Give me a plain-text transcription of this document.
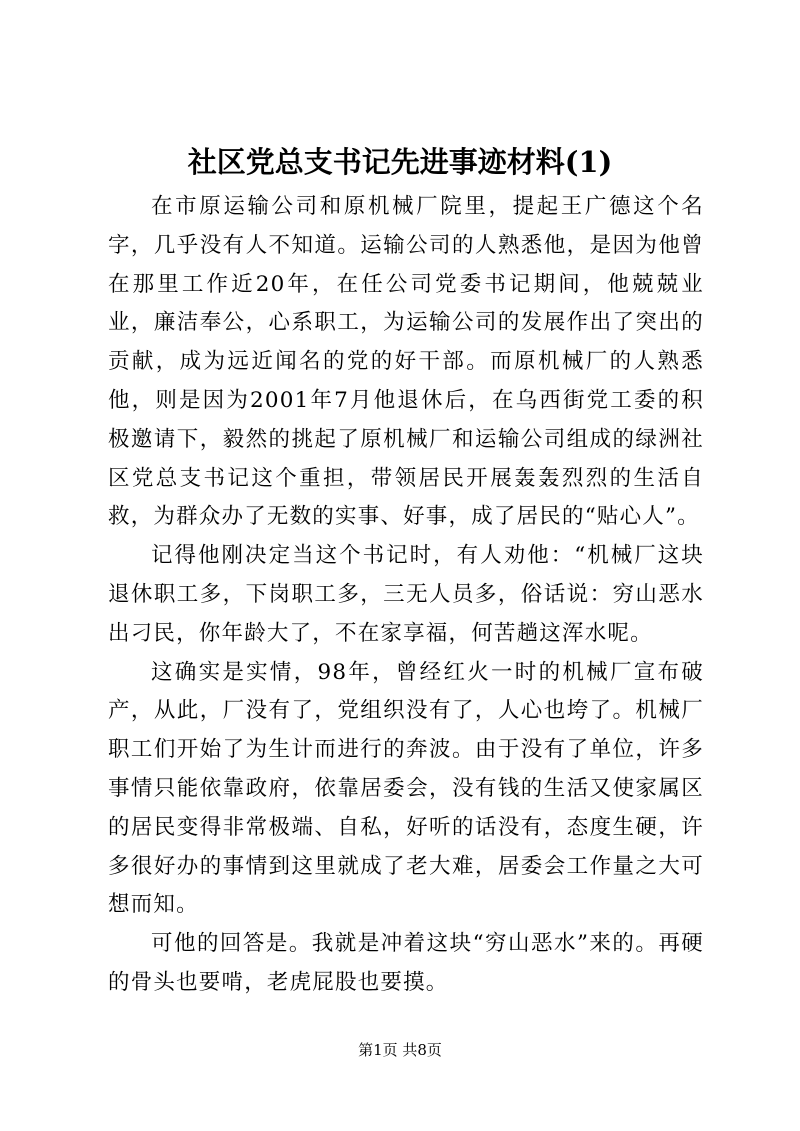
社区党总支书记先进事迹材料(1)

在市原运输公司和原机械厂院里，提起王广德这个名字，几乎没有人不知道。运输公司的人熟悉他，是因为他曾在那里工作近20年，在任公司党委书记期间，他兢兢业业，廉洁奉公，心系职工，为运输公司的发展作出了突出的贡献，成为远近闻名的党的好干部。而原机械厂的人熟悉他，则是因为2001年7月他退休后，在乌西街党工委的积极邀请下，毅然的挑起了原机械厂和运输公司组成的绿洲社区党总支书记这个重担，带领居民开展轰轰烈烈的生活自救，为群众办了无数的实事、好事，成了居民的“贴心人”。

记得他刚决定当这个书记时，有人劝他：“机械厂这块退休职工多，下岗职工多，三无人员多，俗话说：穷山恶水出刁民，你年龄大了，不在家享福，何苦趟这浑水呢。

这确实是实情，98年，曾经红火一时的机械厂宣布破产，从此，厂没有了，党组织没有了，人心也垮了。机械厂职工们开始了为生计而进行的奔波。由于没有了单位，许多事情只能依靠政府，依靠居委会，没有钱的生活又使家属区的居民变得非常极端、自私，好听的话没有，态度生硬，许多很好办的事情到这里就成了老大难，居委会工作量之大可想而知。

可他的回答是。我就是冲着这块“穷山恶水”来的。再硬的骨头也要啃，老虎屁股也要摸。

第1页 共8页
